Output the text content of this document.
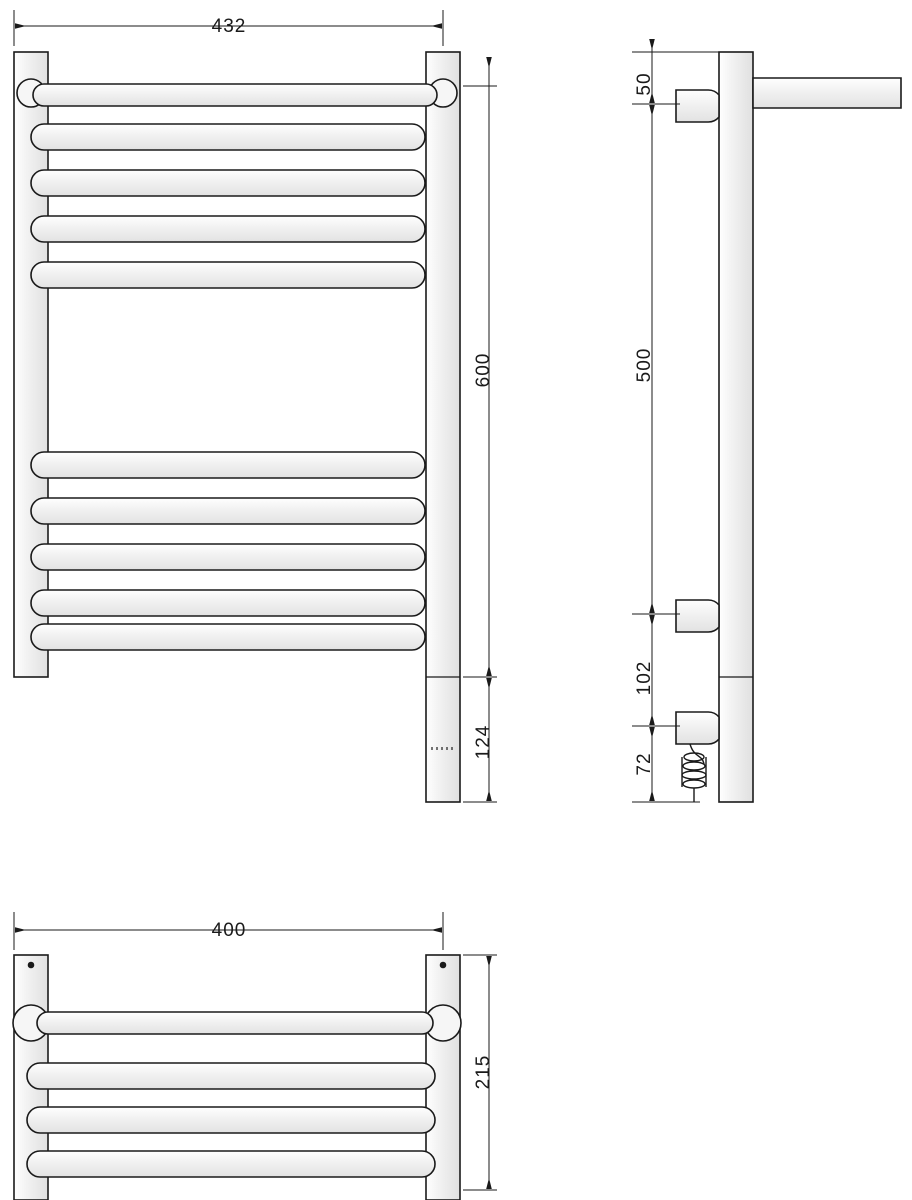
432
600
124
50
500
102
72
400
215
